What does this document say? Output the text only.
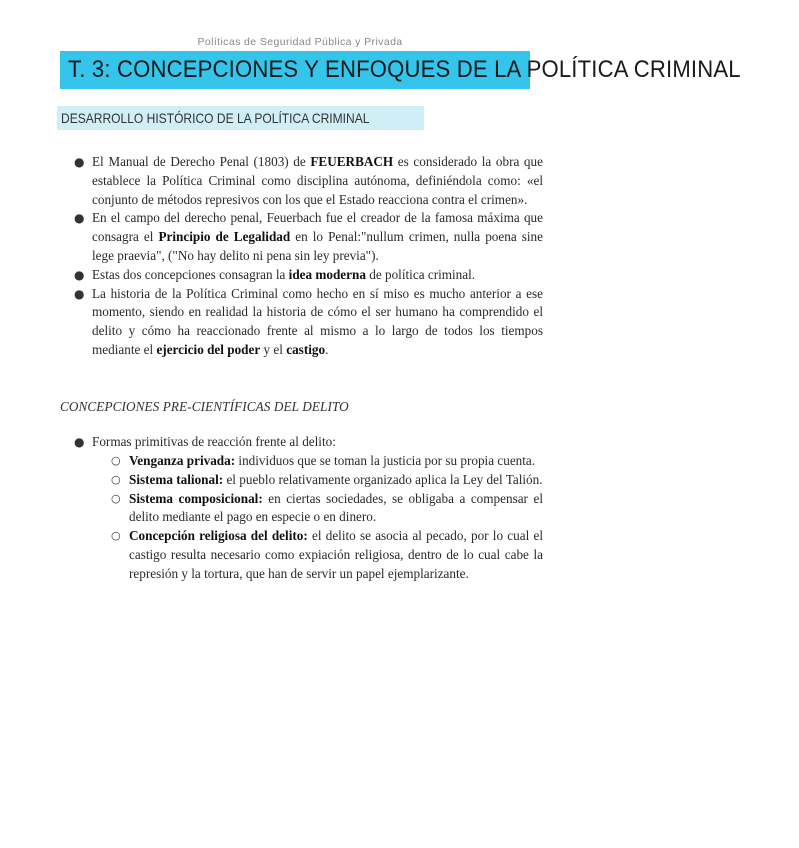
Políticas de Seguridad Pública y Privada
T. 3: CONCEPCIONES Y ENFOQUES DE LA POLÍTICA CRIMINAL
DESARROLLO HISTÓRICO DE LA POLÍTICA CRIMINAL
● El Manual de Derecho Penal (1803) de FEUERBACH es considerado la obra que establece la Política Criminal como disciplina autónoma, definiéndola como: «el conjunto de métodos represivos con los que el Estado reacciona contra el crimen».
● En el campo del derecho penal, Feuerbach fue el creador de la famosa máxima que consagra el Principio de Legalidad en lo Penal:"nullum crimen, nulla poena sine lege praevia", ("No hay delito ni pena sin ley previa").
● Estas dos concepciones consagran la idea moderna de política criminal.
● La historia de la Política Criminal como hecho en sí miso es mucho anterior a ese momento, siendo en realidad la historia de cómo el ser humano ha comprendido el delito y cómo ha reaccionado frente al mismo a lo largo de todos los tiempos mediante el ejercicio del poder y el castigo.
CONCEPCIONES PRE-CIENTÍFICAS DEL DELITO
● Formas primitivas de reacción frente al delito:
○ Venganza privada: individuos que se toman la justicia por su propia cuenta.
○ Sistema talional: el pueblo relativamente organizado aplica la Ley del Talión.
○ Sistema composicional: en ciertas sociedades, se obligaba a compensar el delito mediante el pago en especie o en dinero.
○ Concepción religiosa del delito: el delito se asocia al pecado, por lo cual el castigo resulta necesario como expiación religiosa, dentro de lo cual cabe la represión y la tortura, que han de servir un papel ejemplarizante.
